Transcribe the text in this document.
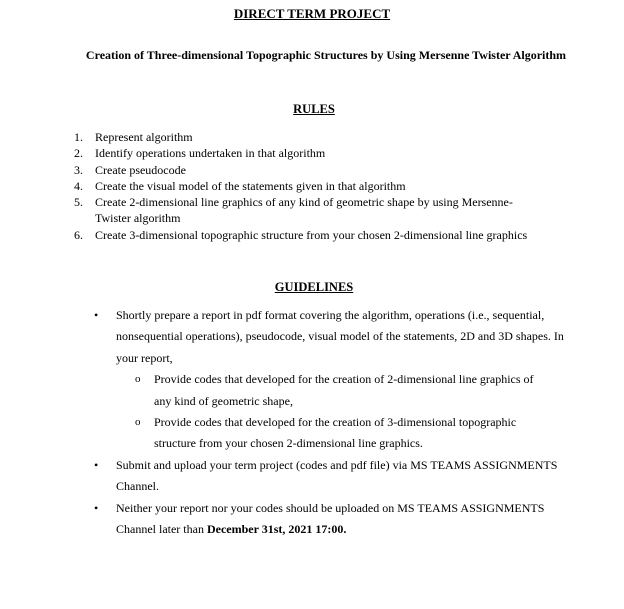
DIRECT TERM PROJECT
Creation of Three-dimensional Topographic Structures by Using Mersenne Twister Algorithm
RULES
1. Represent algorithm
2. Identify operations undertaken in that algorithm
3. Create pseudocode
4. Create the visual model of the statements given in that algorithm
5. Create 2-dimensional line graphics of any kind of geometric shape by using Mersenne-Twister algorithm
6. Create 3-dimensional topographic structure from your chosen 2-dimensional line graphics
GUIDELINES
• Shortly prepare a report in pdf format covering the algorithm, operations (i.e., sequential, nonsequential operations), pseudocode, visual model of the statements, 2D and 3D shapes. In your report,
o Provide codes that developed for the creation of 2-dimensional line graphics of any kind of geometric shape,
o Provide codes that developed for the creation of 3-dimensional topographic structure from your chosen 2-dimensional line graphics.
• Submit and upload your term project (codes and pdf file) via MS TEAMS ASSIGNMENTS Channel.
• Neither your report nor your codes should be uploaded on MS TEAMS ASSIGNMENTS Channel later than December 31st, 2021 17:00.
